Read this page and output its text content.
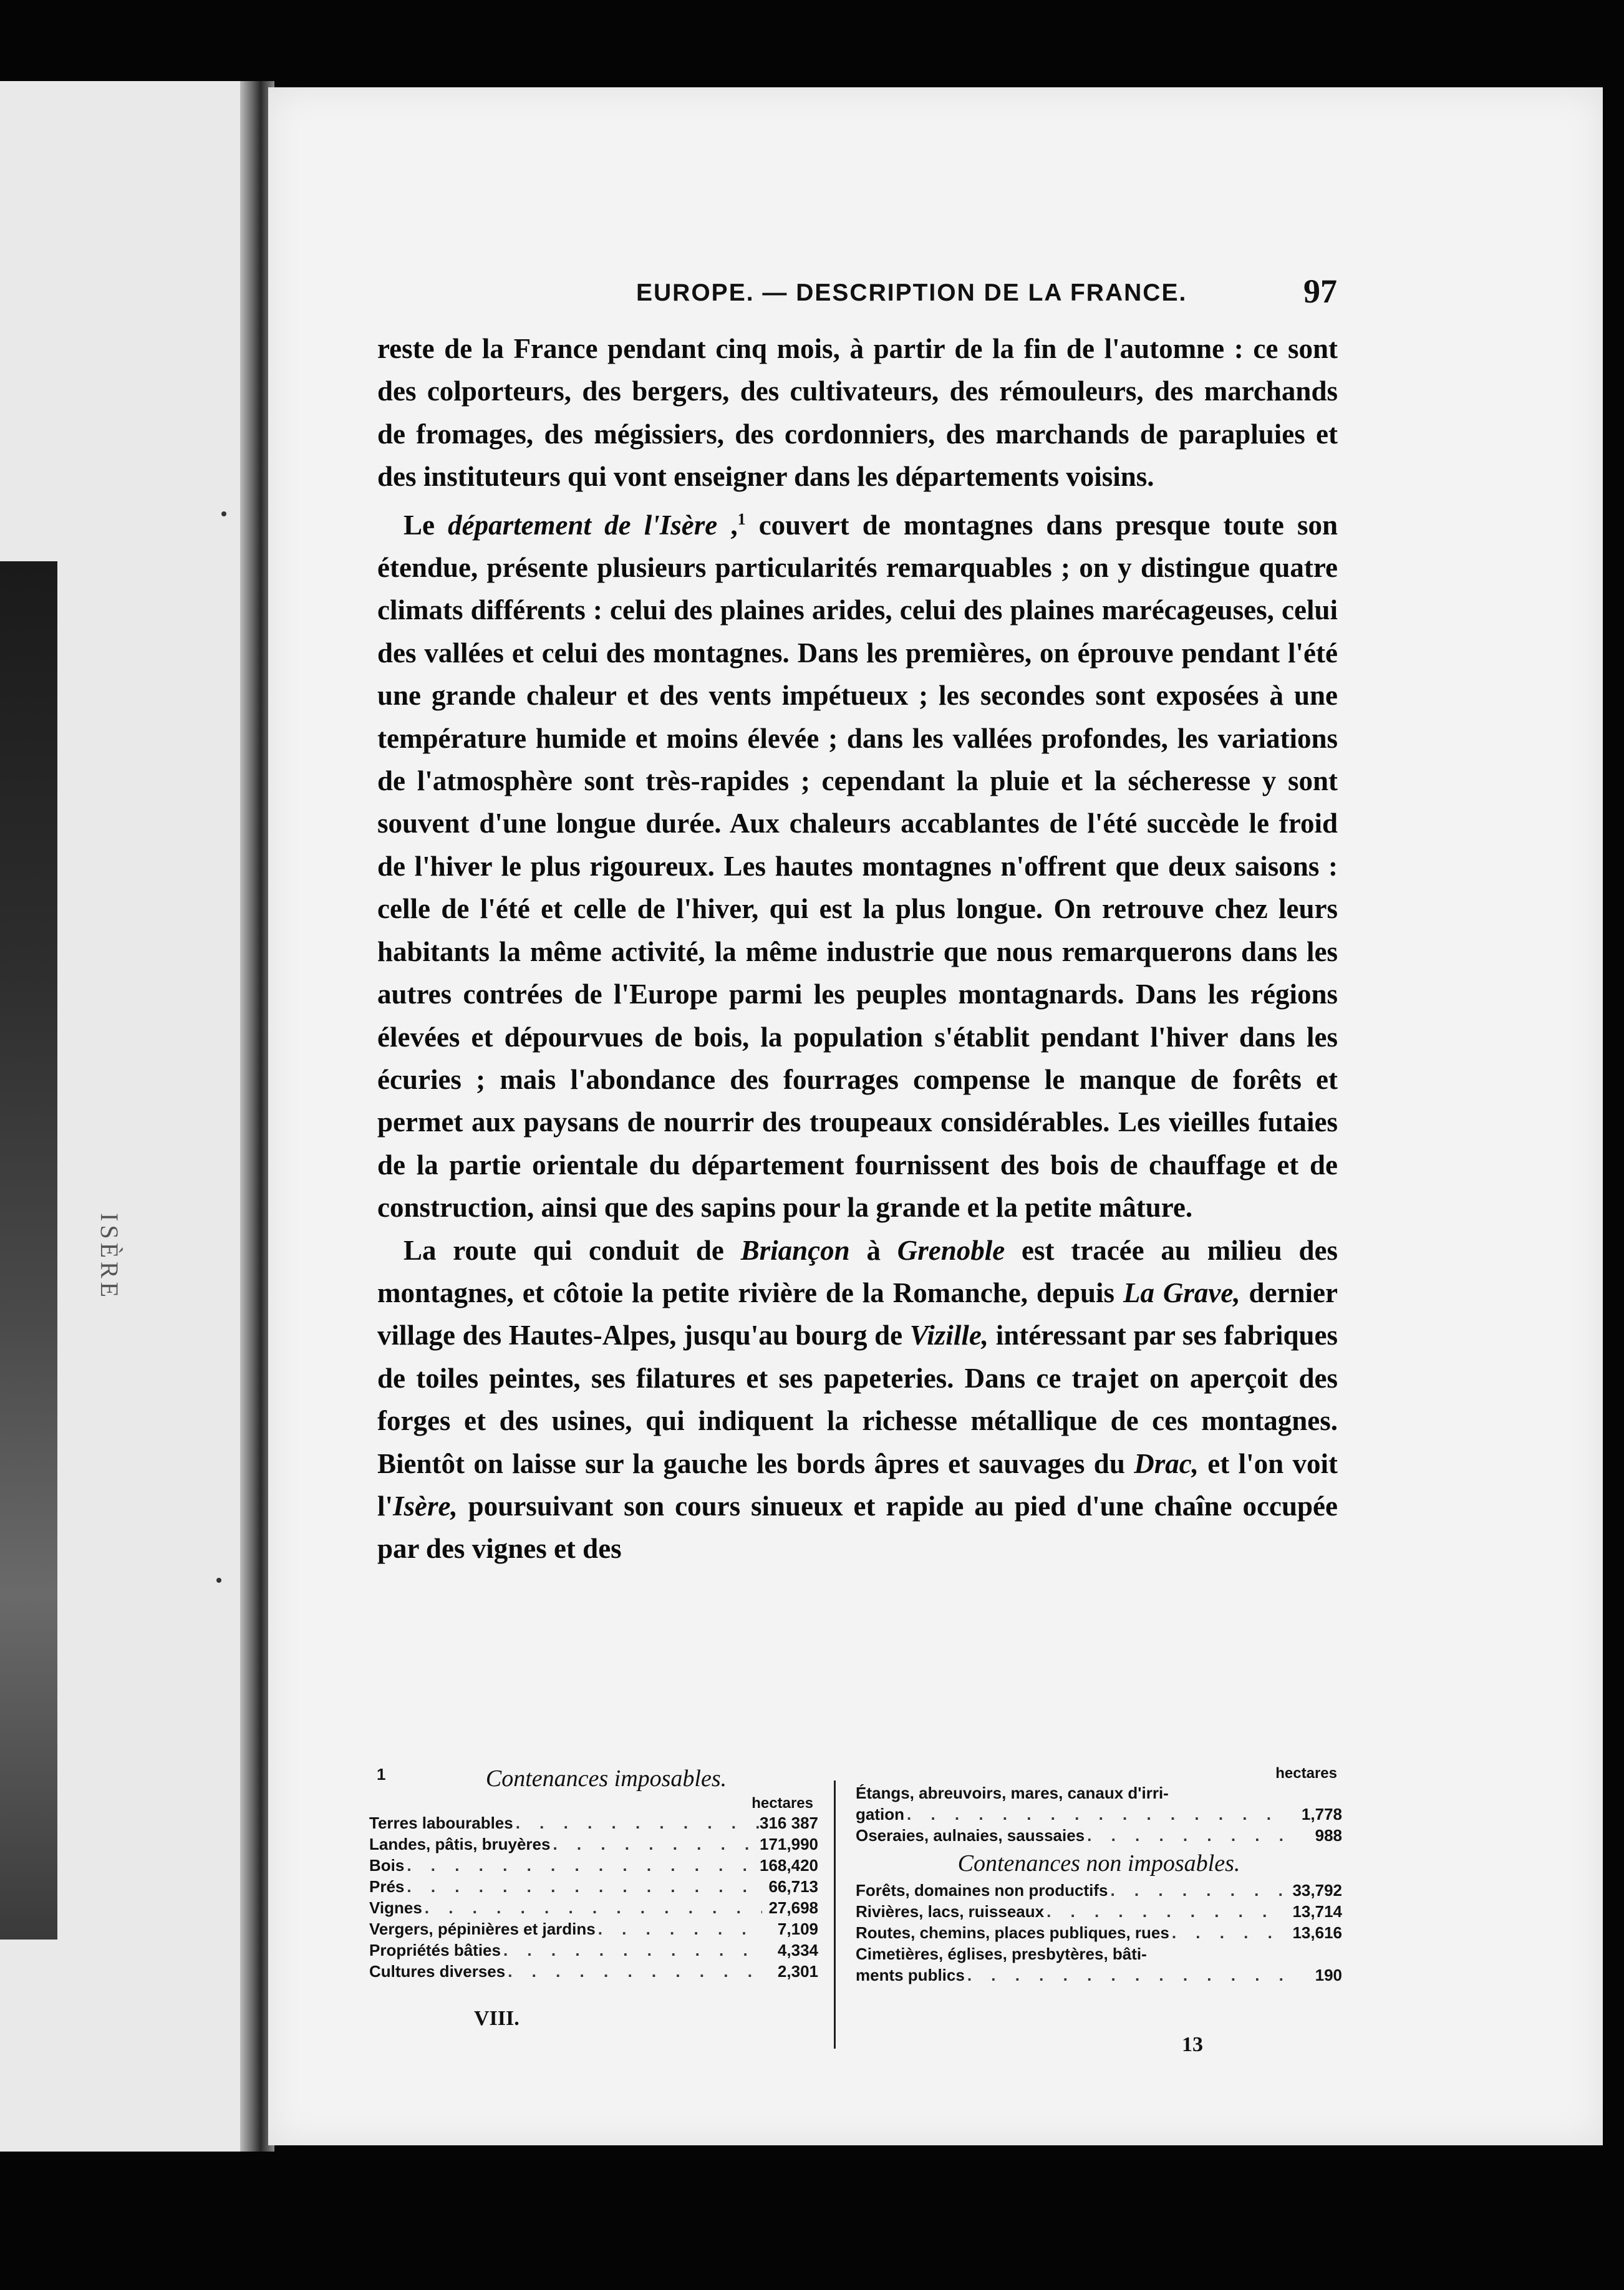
ISÈRE
EUROPE. — DESCRIPTION DE LA FRANCE.	97

reste de la France pendant cinq mois, à partir de la fin de l'automne : ce sont des colporteurs, des bergers, des cultivateurs, des rémouleurs, des marchands de fromages, des mégissiers, des cordonniers, des marchands de parapluies et des instituteurs qui vont enseigner dans les départements voisins.

Le département de l'Isère ,$^1$ couvert de montagnes dans presque toute son étendue, présente plusieurs particularités remarquables ; on y distingue quatre climats différents : celui des plaines arides, celui des plaines marécageuses, celui des vallées et celui des montagnes. Dans les premières, on éprouve pendant l'été une grande chaleur et des vents impétueux ; les secondes sont exposées à une température humide et moins élevée ; dans les vallées profondes, les variations de l'atmosphère sont très-rapides ; cependant la pluie et la sécheresse y sont souvent d'une longue durée. Aux chaleurs accablantes de l'été succède le froid de l'hiver le plus rigoureux. Les hautes montagnes n'offrent que deux saisons : celle de l'été et celle de l'hiver, qui est la plus longue. On retrouve chez leurs habitants la même activité, la même industrie que nous remarquerons dans les autres contrées de l'Europe parmi les peuples montagnards. Dans les régions élevées et dépourvues de bois, la population s'établit pendant l'hiver dans les écuries ; mais l'abondance des fourrages compense le manque de forêts et permet aux paysans de nourrir des troupeaux considérables. Les vieilles futaies de la partie orientale du département fournissent des bois de chauffage et de construction, ainsi que des sapins pour la grande et la petite mâture.

La route qui conduit de Briançon à Grenoble est tracée au milieu des montagnes, et côtoie la petite rivière de la Romanche, depuis La Grave, dernier village des Hautes-Alpes, jusqu'au bourg de Vizille, intéressant par ses fabriques de toiles peintes, ses filatures et ses papeteries. Dans ce trajet on aperçoit des forges et des usines, qui indiquent la richesse métallique de ces montagnes. Bientôt on laisse sur la gauche les bords âpres et sauvages du Drac, et l'on voit l'Isère, poursuivant son cours sinueux et rapide au pied d'une chaîne occupée par des vignes et des

1	Contenances imposables.
hectares
Terres labourables . . .	316 387
Landes, pâtis, bruyères . . .	171,990
Bois . . .	168,420
Prés . . .	66,713
Vignes . . .	27,698
Vergers, pépinières et jardins . . .	7,109
Propriétés bâties . . .	4,334
Cultures diverses . . .	2,301
hectares
Étangs, abreuvoirs, mares, canaux d'irri-
gation . . .	1,778
Oseraies, aulnaies, saussaies . . .	988
Contenances non imposables.
Forêts, domaines non productifs . . .	33,792
Rivières, lacs, ruisseaux . . .	13,714
Routes, chemins, places publiques, rues . . .	13,616
Cimetières, églises, presbytères, bâti-
ments publics . . .	190
VIII.
13
